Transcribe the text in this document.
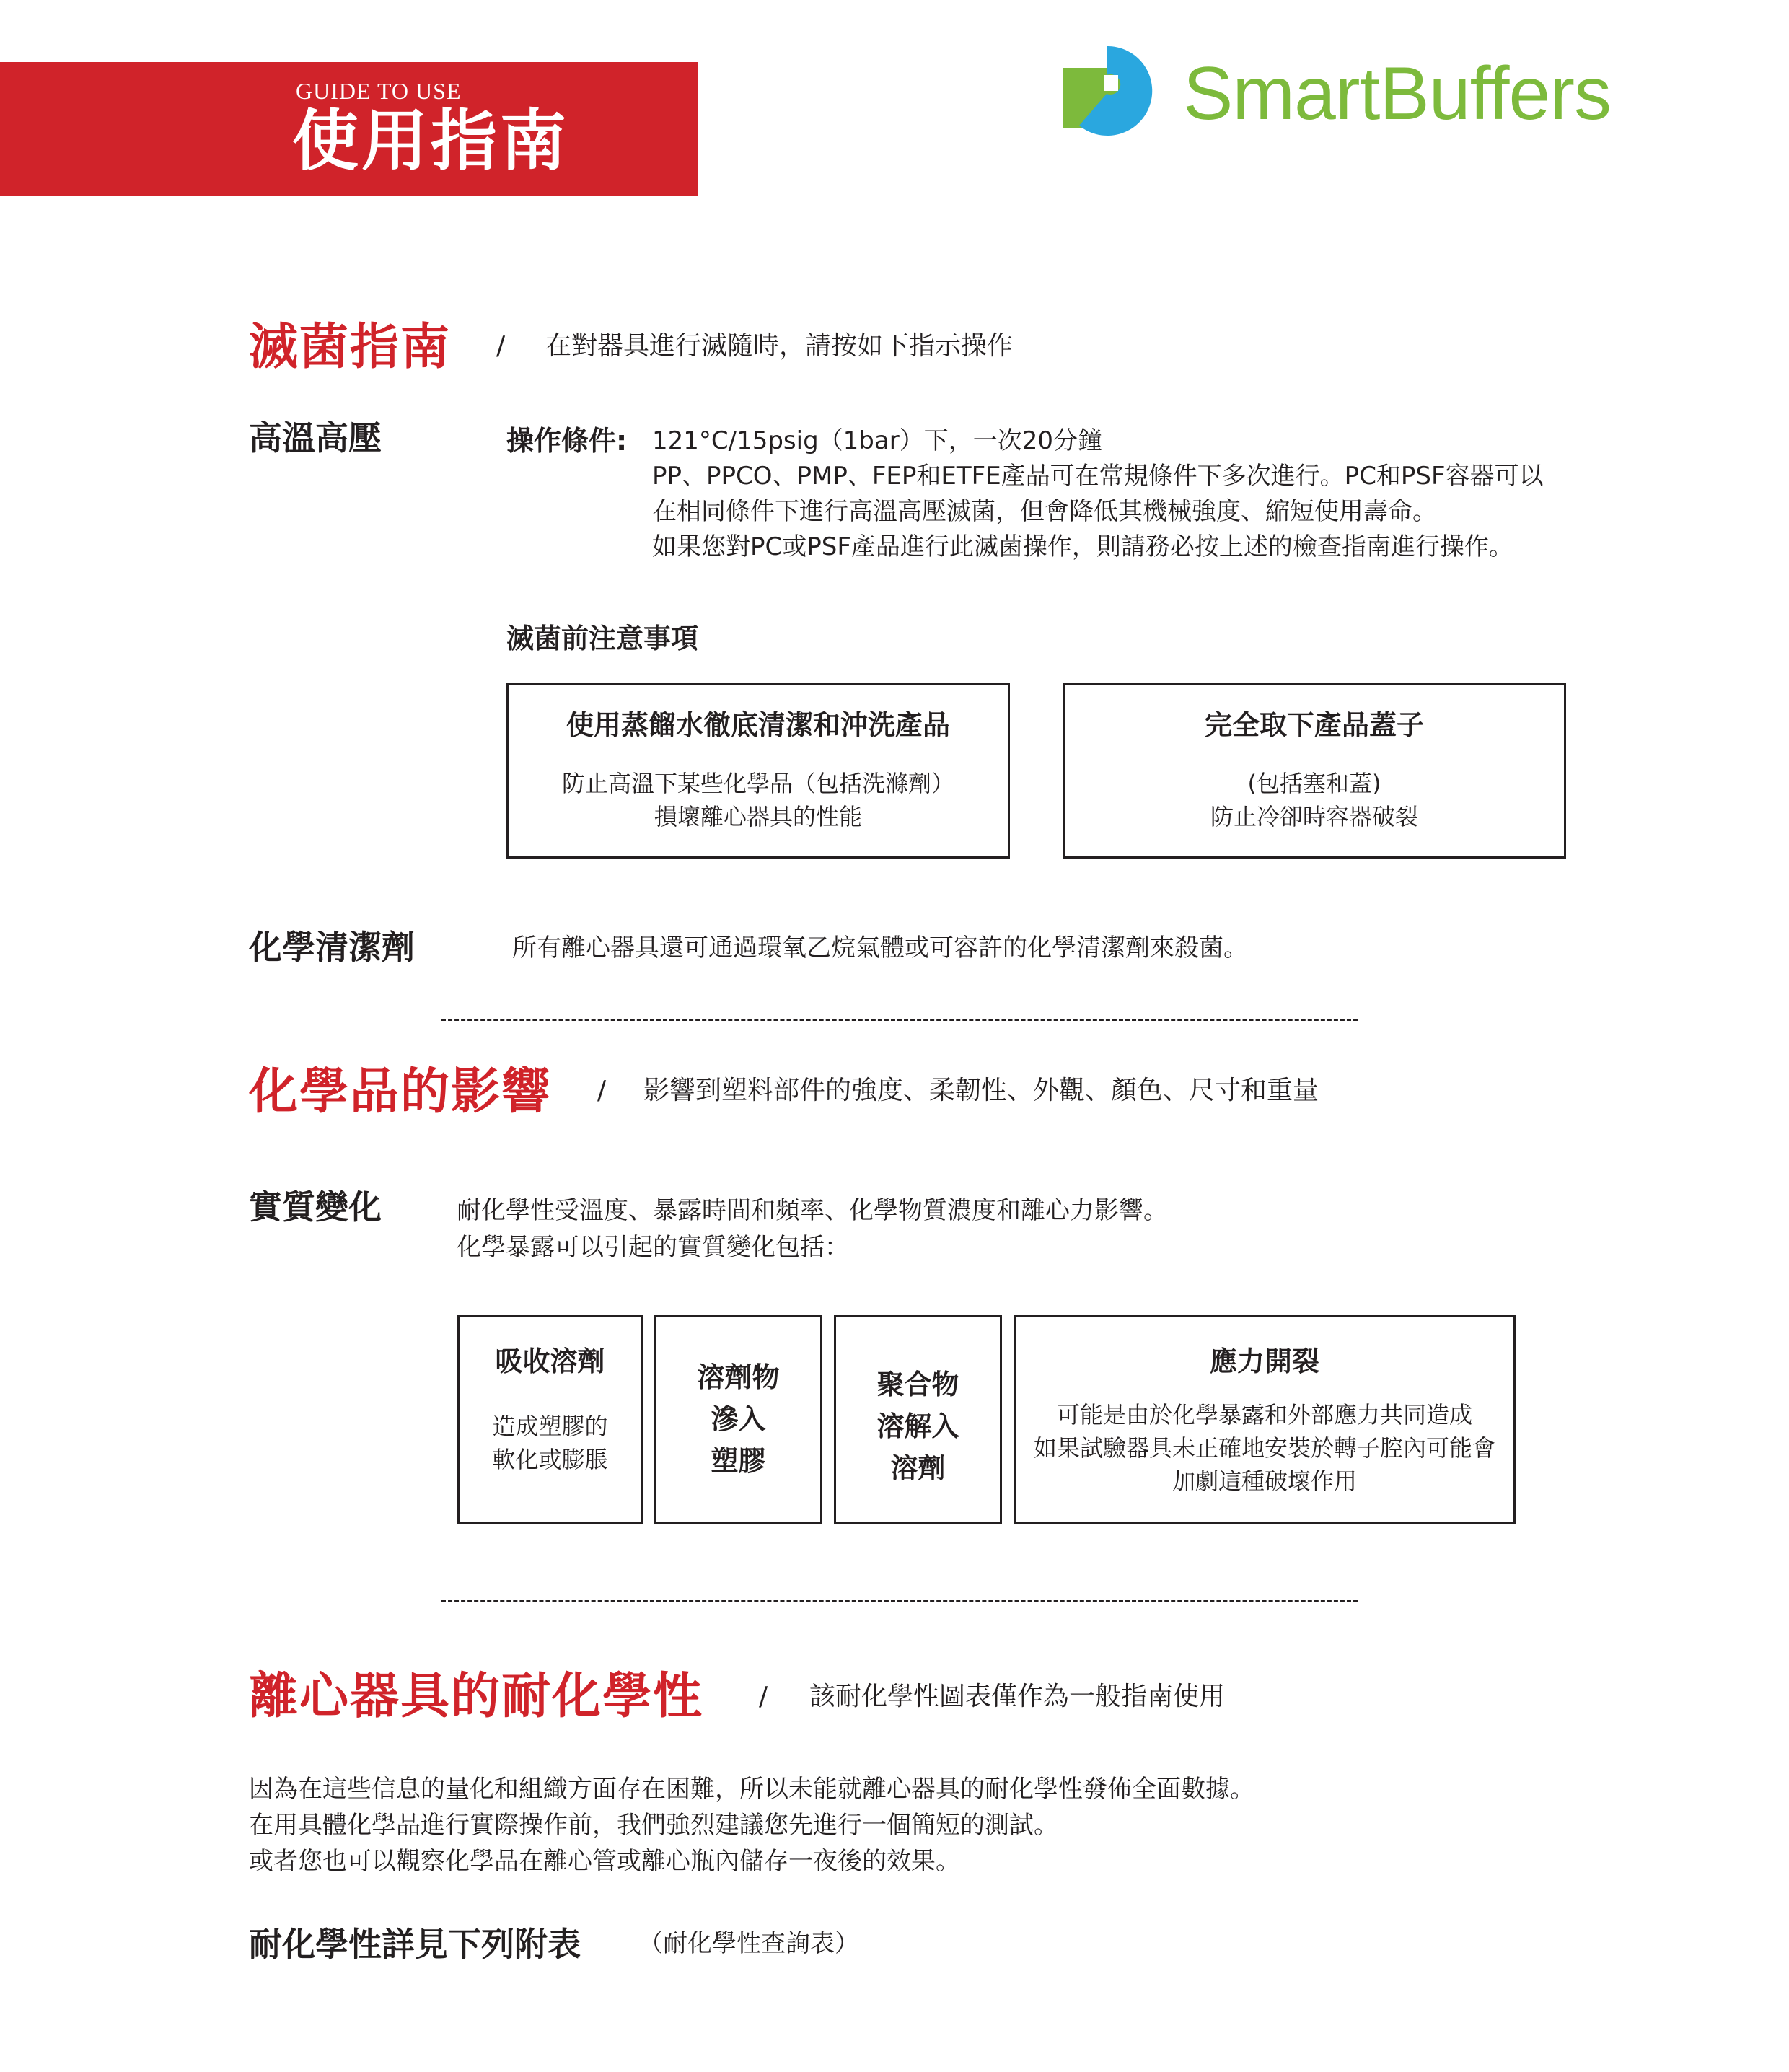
GUIDE TO USE
使用指南
SmartBuffers
滅菌指南 / 在對器具進行滅隨時，請按如下指示操作
高溫高壓	操作條件: 121°C/15psig（1bar）下，一次20分鐘
PP、PPCO、PMP、FEP和ETFE產品可在常規條件下多次進行。PC和PSF容器可以
在相同條件下進行高溫高壓滅菌，但會降低其機械強度、縮短使用壽命。
如果您對PC或PSF產品進行此滅菌操作，則請務必按上述的檢查指南進行操作。
滅菌前注意事項
使用蒸餾水徹底清潔和沖洗產品
防止高溫下某些化學品（包括洗滌劑）
損壞離心器具的性能
完全取下產品蓋子
(包括塞和蓋)
防止冷卻時容器破裂
化學清潔劑	所有離心器具還可通過環氧乙烷氣體或可容許的化學清潔劑來殺菌。
化學品的影響 / 影響到塑料部件的強度、柔韌性、外觀、顏色、尺寸和重量
實質變化	耐化學性受溫度、暴露時間和頻率、化學物質濃度和離心力影響。
化學暴露可以引起的實質變化包括：
吸收溶劑
造成塑膠的
軟化或膨脹
溶劑物
滲入
塑膠
聚合物
溶解入
溶劑
應力開裂
可能是由於化學暴露和外部應力共同造成
如果試驗器具未正確地安裝於轉子腔內可能會
加劇這種破壞作用
離心器具的耐化學性 / 該耐化學性圖表僅作為一般指南使用
因為在這些信息的量化和組織方面存在困難，所以未能就離心器具的耐化學性發佈全面數據。
在用具體化學品進行實際操作前，我們強烈建議您先進行一個簡短的測試。
或者您也可以觀察化學品在離心管或離心瓶內儲存一夜後的效果。
耐化學性詳見下列附表 （耐化學性查詢表）
